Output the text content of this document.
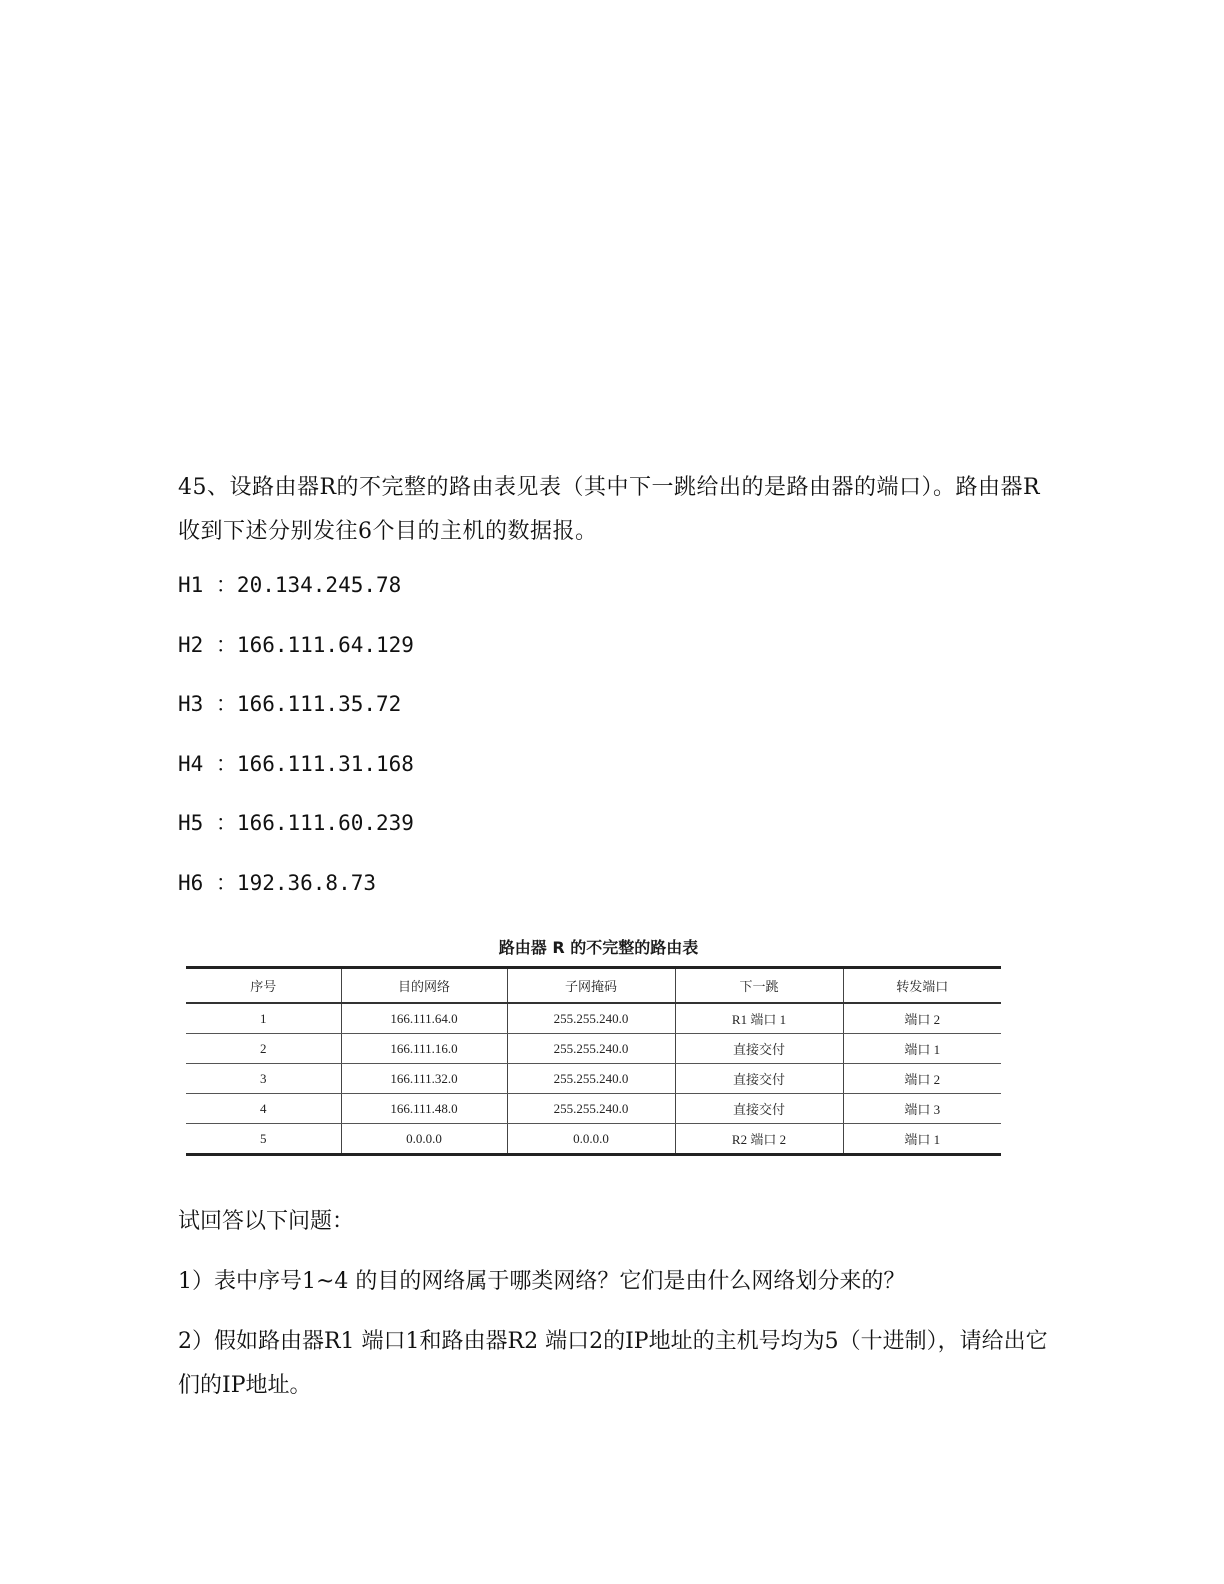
45、设路由器R的不完整的路由表见表（其中下一跳给出的是路由器的端口）。路由器R收到下述分别发往6个目的主机的数据报。
H1 ：20.134.245.78
H2 ：166.111.64.129
H3 ：166.111.35.72
H4 ：166.111.31.168
H5 ：166.111.60.239
H6 ：192.36.8.73
路由器 R 的不完整的路由表
序号	目的网络	子网掩码	下一跳	转发端口
1	166.111.64.0	255.255.240.0	R1 端口 1	端口 2
2	166.111.16.0	255.255.240.0	直接交付	端口 1
3	166.111.32.0	255.255.240.0	直接交付	端口 2
4	166.111.48.0	255.255.240.0	直接交付	端口 3
5	0.0.0.0	0.0.0.0	R2 端口 2	端口 1

试回答以下问题：

1）表中序号1~4 的目的网络属于哪类网络？它们是由什么网络划分来的？

2）假如路由器R1 端口1和路由器R2 端口2的IP地址的主机号均为5（十进制），请给出它们的IP地址。
